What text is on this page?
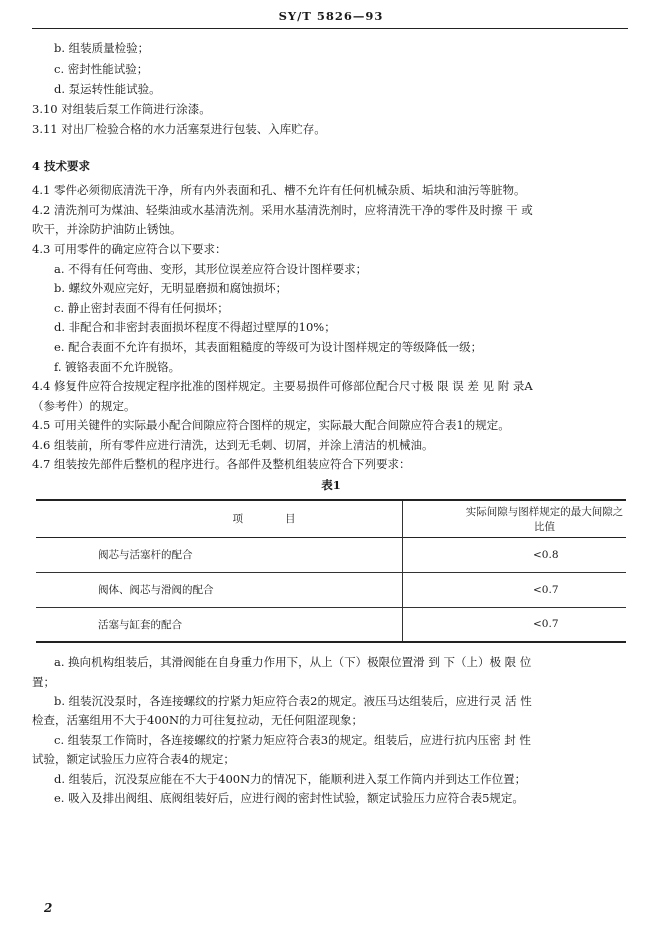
SY/T 5826—93
b. 组装质量检验；
c. 密封性能试验；
d. 泵运转性能试验。
3.10 对组装后泵工作筒进行涂漆。
3.11 对出厂检验合格的水力活塞泵进行包装、入库贮存。
4 技术要求
4.1 零件必须彻底清洗干净，所有内外表面和孔、槽不允许有任何机械杂质、垢块和油污等脏物。
4.2 清洗剂可为煤油、轻柴油或水基清洗剂。采用水基清洗剂时，应将清洗干净的零件及时擦 干 或
吹干，并涂防护油防止锈蚀。
4.3 可用零件的确定应符合以下要求：
a. 不得有任何弯曲、变形，其形位误差应符合设计图样要求；
b. 螺纹外观应完好，无明显磨损和腐蚀损坏；
c. 静止密封表面不得有任何损坏；
d. 非配合和非密封表面损坏程度不得超过壁厚的10%；
e. 配合表面不允许有损坏，其表面粗糙度的等级可为设计图样规定的等级降低一级；
f. 镀铬表面不允许脱铬。
4.4 修复件应符合按规定程序批准的图样规定。主要易损件可修部位配合尺寸极 限 误 差 见 附 录A
（参考件）的规定。
4.5 可用关键件的实际最小配合间隙应符合图样的规定，实际最大配合间隙应符合表1的规定。
4.6 组装前，所有零件应进行清洗，达到无毛刺、切屑，并涂上清洁的机械油。
4.7 组装按先部件后整机的程序进行。各部件及整机组装应符合下列要求：
表1
项　　　　目	实际间隙与图样规定的最大间隙之比值
阀芯与活塞杆的配合	<0.8
阀体、阀芯与滑阀的配合	<0.7
活塞与缸套的配合	<0.7
a. 换向机构组装后，其滑阀能在自身重力作用下，从上（下）极限位置滑 到 下（上）极 限 位
置；
b. 组装沉没泵时，各连接螺纹的拧紧力矩应符合表2的规定。液压马达组装后，应进行灵 活 性
检查，活塞组用不大于400N的力可往复拉动，无任何阻涩现象；
c. 组装泵工作筒时，各连接螺纹的拧紧力矩应符合表3的规定。组装后，应进行抗内压密 封 性
试验，额定试验压力应符合表4的规定；
d. 组装后，沉没泵应能在不大于400N力的情况下，能顺利进入泵工作筒内并到达工作位置；
e. 吸入及排出阀组、底阀组装好后，应进行阀的密封性试验，额定试验压力应符合表5规定。
2
